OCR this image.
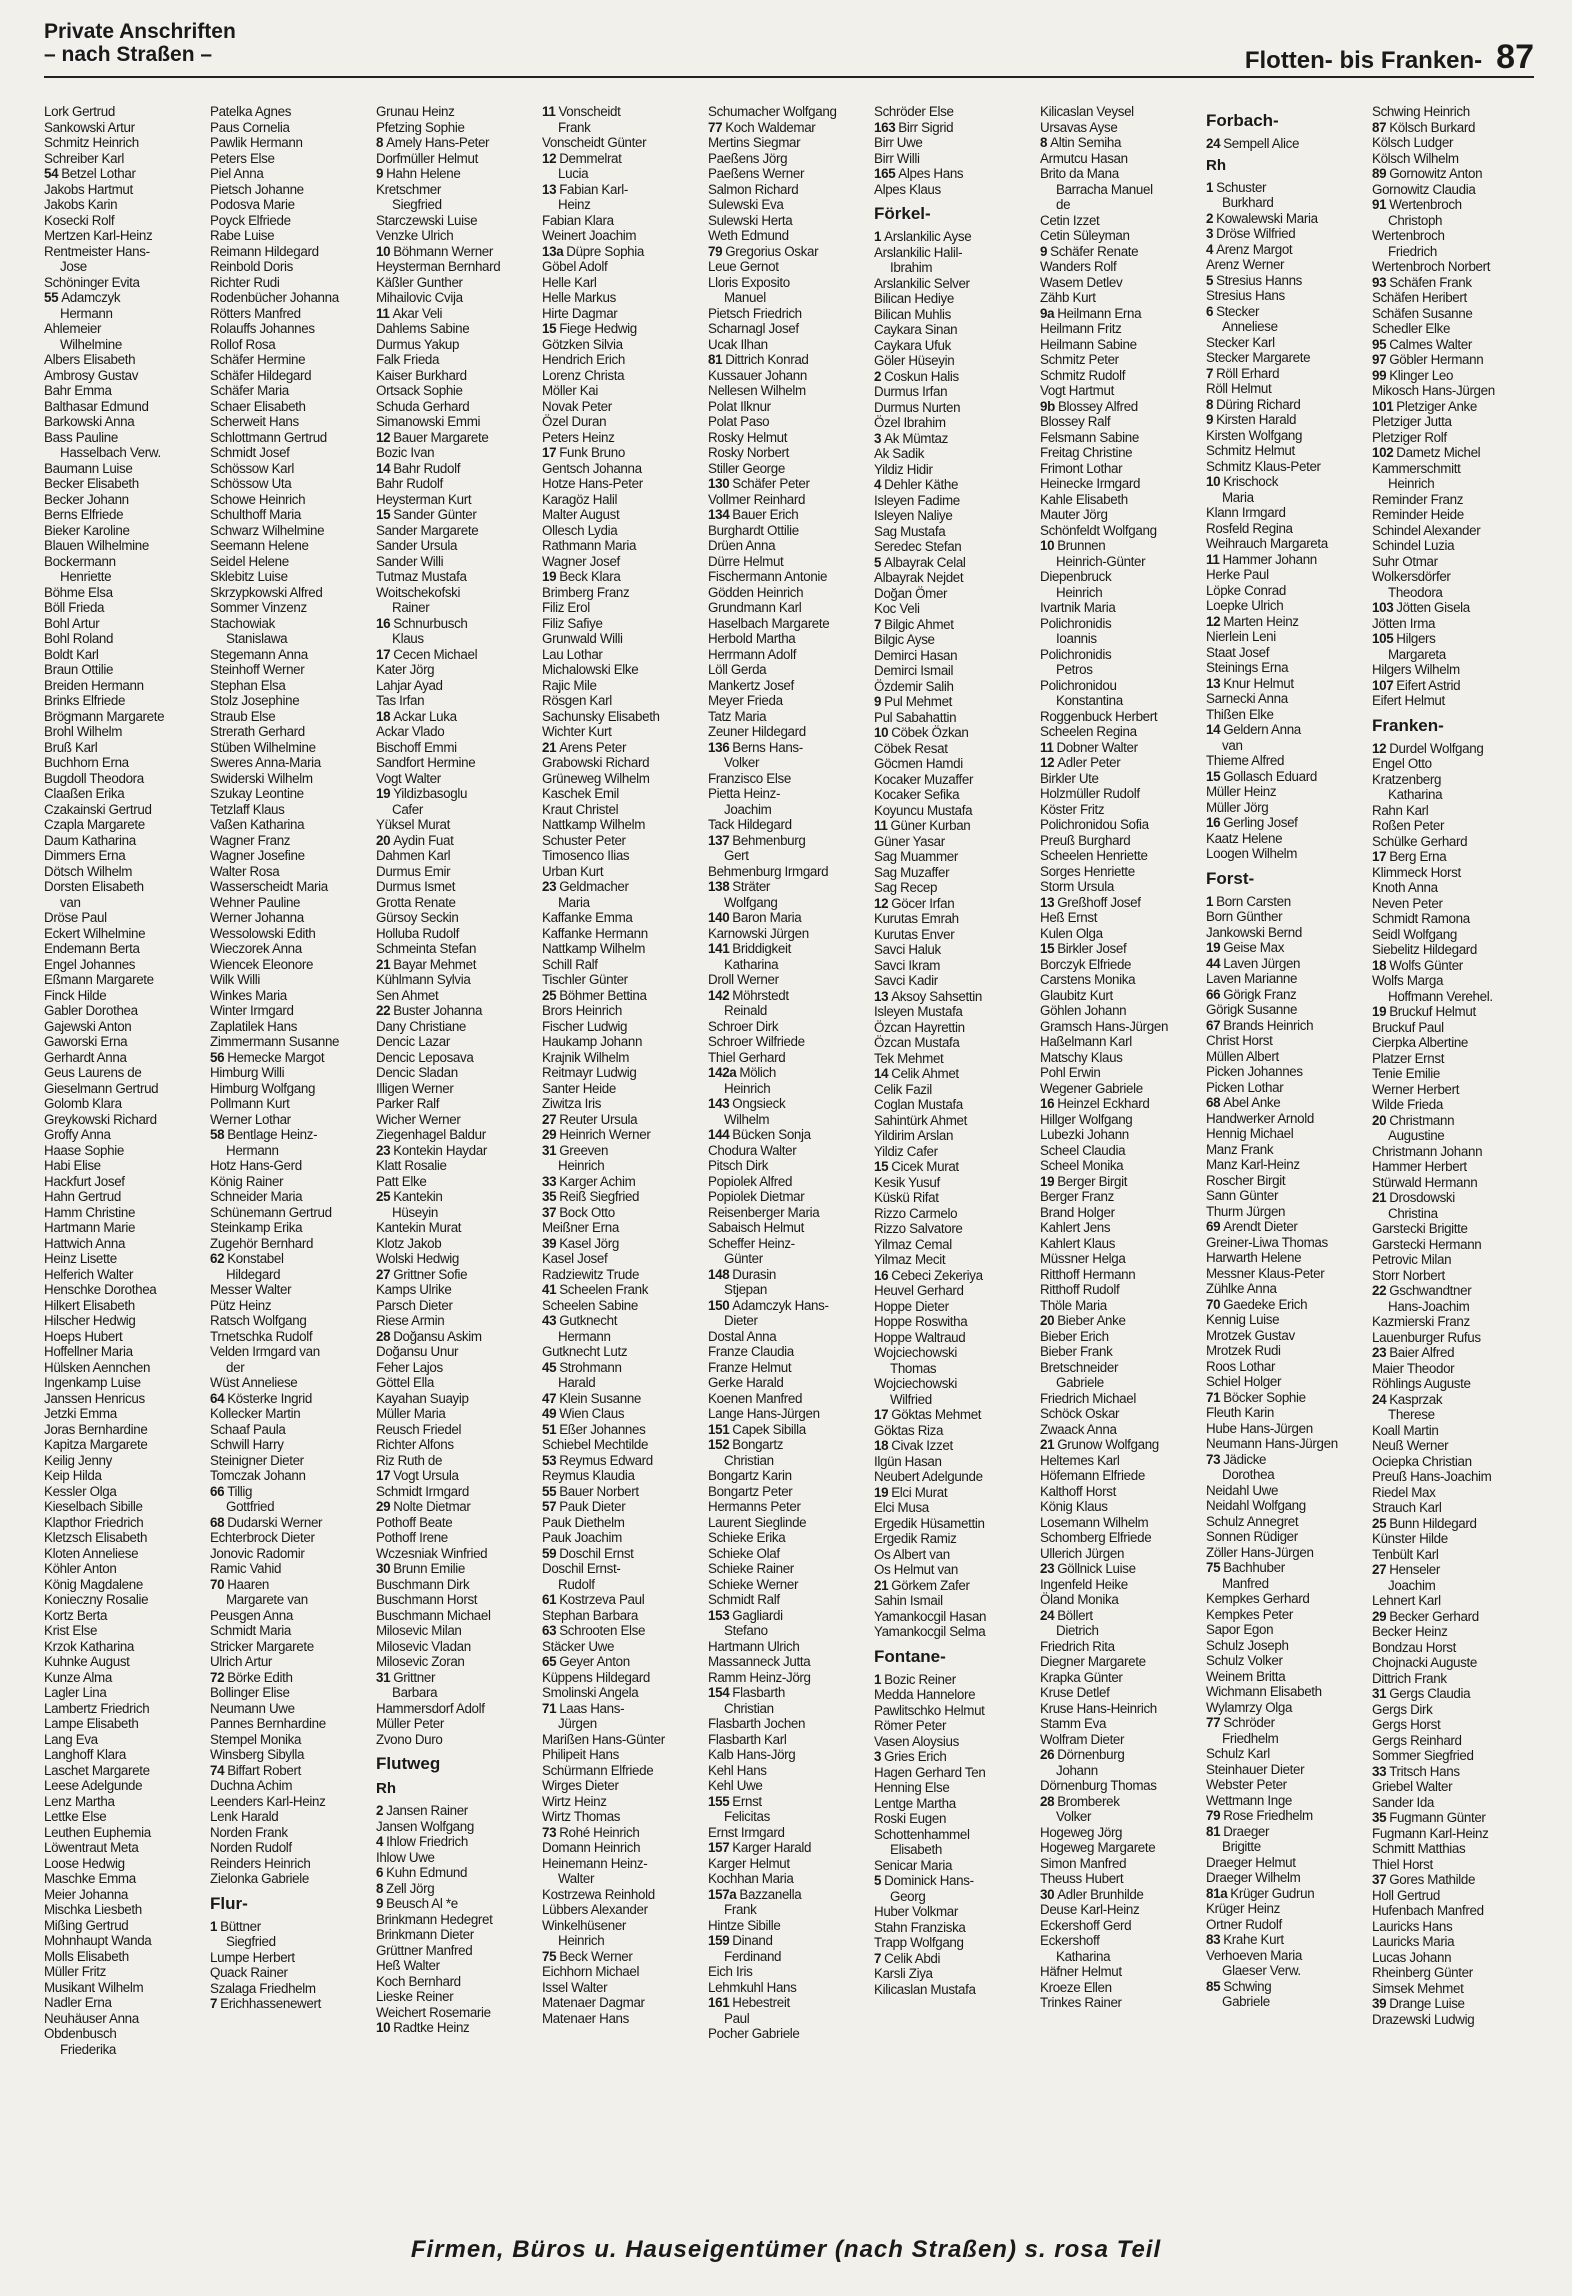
Private Anschriften
– nach Straßen –	Flotten- bis Franken- 87
Lork Gertrud
Sankowski Artur
Schmitz Heinrich
Schreiber Karl
54 Betzel Lothar
Jakobs Hartmut
Jakobs Karin
Kosecki Rolf
Mertzen Karl-Heinz
Rentmeister Hans-
Jose
Schöninger Evita
55 Adamczyk
Hermann
Ahlemeier
Wilhelmine
Albers Elisabeth
Ambrosy Gustav
Bahr Emma
Balthasar Edmund
Barkowski Anna
Bass Pauline
Hasselbach Verw.
Baumann Luise
Becker Elisabeth
Becker Johann
Berns Elfriede
Bieker Karoline
Blauen Wilhelmine
Bockermann
Henriette
Böhme Elsa
Böll Frieda
Bohl Artur
Bohl Roland
Boldt Karl
Braun Ottilie
Breiden Hermann
Brinks Elfriede
Brögmann Margarete
Brohl Wilhelm
Bruß Karl
Buchhorn Erna
Bugdoll Theodora
Claaßen Erika
Czakainski Gertrud
Czapla Margarete
Daum Katharina
Dimmers Erna
Dötsch Wilhelm
Dorsten Elisabeth
van
Dröse Paul
Eckert Wilhelmine
Endemann Berta
Engel Johannes
Eßmann Margarete
Finck Hilde
Gabler Dorothea
Gajewski Anton
Gaworski Erna
Gerhardt Anna
Geus Laurens de
Gieselmann Gertrud
Golomb Klara
Greykowski Richard
Groffy Anna
Haase Sophie
Habi Elise
Hackfurt Josef
Hahn Gertrud
Hamm Christine
Hartmann Marie
Hattwich Anna
Heinz Lisette
Helferich Walter
Henschke Dorothea
Hilkert Elisabeth
Hilscher Hedwig
Hoeps Hubert
Hoffellner Maria
Hülsken Aennchen
Ingenkamp Luise
Janssen Henricus
Jetzki Emma
Joras Bernhardine
Kapitza Margarete
Keilig Jenny
Keip Hilda
Kessler Olga
Kieselbach Sibille
Klapthor Friedrich
Kletzsch Elisabeth
Kloten Anneliese
Köhler Anton
König Magdalene
Konieczny Rosalie
Kortz Berta
Krist Else
Krzok Katharina
Kuhnke August
Kunze Alma
Lagler Lina
Lambertz Friedrich
Lampe Elisabeth
Lang Eva
Langhoff Klara
Laschet Margarete
Leese Adelgunde
Lenz Martha
Lettke Else
Leuthen Euphemia
Löwentraut Meta
Loose Hedwig
Maschke Emma
Meier Johanna
Mischka Liesbeth
Mißing Gertrud
Mohnhaupt Wanda
Molls Elisabeth
Müller Fritz
Musikant Wilhelm
Nadler Erna
Neuhäuser Anna
Obdenbusch
Friederika
Patelka Agnes
Paus Cornelia
Pawlik Hermann
Peters Else
Piel Anna
Pietsch Johanne
Podosva Marie
Poyck Elfriede
Rabe Luise
Reimann Hildegard
Reinbold Doris
Richter Rudi
Rodenbücher Johanna
Rötters Manfred
Rolauffs Johannes
Rollof Rosa
Schäfer Hermine
Schäfer Hildegard
Schäfer Maria
Schaer Elisabeth
Scherweit Hans
Schlottmann Gertrud
Schmidt Josef
Schössow Karl
Schössow Uta
Schowe Heinrich
Schulthoff Maria
Schwarz Wilhelmine
Seemann Helene
Seidel Helene
Sklebitz Luise
Skrzypkowski Alfred
Sommer Vinzenz
Stachowiak
Stanislawa
Stegemann Anna
Steinhoff Werner
Stephan Elsa
Stolz Josephine
Straub Else
Strerath Gerhard
Stüben Wilhelmine
Sweres Anna-Maria
Swiderski Wilhelm
Szukay Leontine
Tetzlaff Klaus
Vaßen Katharina
Wagner Franz
Wagner Josefine
Walter Rosa
Wasserscheidt Maria
Wehner Pauline
Werner Johanna
Wessolowski Edith
Wieczorek Anna
Wiencek Eleonore
Wilk Willi
Winkes Maria
Winter Irmgard
Zaplatilek Hans
Zimmermann Susanne
56 Hemecke Margot
Himburg Willi
Himburg Wolfgang
Pollmann Kurt
Werner Lothar
58 Bentlage Heinz-
Hermann
Hotz Hans-Gerd
König Rainer
Schneider Maria
Schünemann Gertrud
Steinkamp Erika
Zugehör Bernhard
62 Konstabel
Hildegard
Messer Walter
Pütz Heinz
Ratsch Wolfgang
Trnetschka Rudolf
Velden Irmgard van
der
Wüst Anneliese
64 Kösterke Ingrid
Kollecker Martin
Schaaf Paula
Schwill Harry
Steinigner Dieter
Tomczak Johann
66 Tillig
Gottfried
68 Dudarski Werner
Echterbrock Dieter
Jonovic Radomir
Ramic Vahid
70 Haaren
Margarete van
Peusgen Anna
Schmidt Maria
Stricker Margarete
Ulrich Artur
72 Börke Edith
Bollinger Elise
Neumann Uwe
Pannes Bernhardine
Stempel Monika
Winsberg Sibylla
74 Biffart Robert
Duchna Achim
Leenders Karl-Heinz
Lenk Harald
Norden Frank
Norden Rudolf
Reinders Heinrich
Zielonka Gabriele
Flur-
1 Büttner
Siegfried
Lumpe Herbert
Quack Rainer
Szalaga Friedhelm
7 Erichhassenewert
Grunau Heinz
Pfetzing Sophie
8 Amely Hans-Peter
Dorfmüller Helmut
9 Hahn Helene
Kretschmer
Siegfried
Starczewski Luise
Venzke Ulrich
10 Böhmann Werner
Heysterman Bernhard
Käßler Gunther
Mihailovic Cvija
11 Akar Veli
Dahlems Sabine
Durmus Yakup
Falk Frieda
Kaiser Burkhard
Ortsack Sophie
Schuda Gerhard
Simanowski Emmi
12 Bauer Margarete
Bozic Ivan
14 Bahr Rudolf
Bahr Rudolf
Heysterman Kurt
15 Sander Günter
Sander Margarete
Sander Ursula
Sander Willi
Tutmaz Mustafa
Woitschekofski
Rainer
16 Schnurbusch
Klaus
17 Cecen Michael
Kater Jörg
Lahjar Ayad
Tas Irfan
18 Ackar Luka
Ackar Vlado
Bischoff Emmi
Sandfort Hermine
Vogt Walter
19 Yildizbasoglu
Cafer
Yüksel Murat
20 Aydin Fuat
Dahmen Karl
Durmus Emir
Durmus Ismet
Grotta Renate
Gürsoy Seckin
Holluba Rudolf
Schmeinta Stefan
21 Bayar Mehmet
Kühlmann Sylvia
Sen Ahmet
22 Buster Johanna
Dany Christiane
Dencic Lazar
Dencic Leposava
Dencic Sladan
Illigen Werner
Parker Ralf
Wicher Werner
Ziegenhagel Baldur
23 Kontekin Haydar
Klatt Rosalie
Patt Elke
25 Kantekin
Hüseyin
Kantekin Murat
Klotz Jakob
Wolski Hedwig
27 Grittner Sofie
Kamps Ulrike
Parsch Dieter
Riese Armin
28 Doğansu Askim
Doğansu Unur
Feher Lajos
Göttel Ella
Kayahan Suayip
Müller Maria
Reusch Friedel
Richter Alfons
Riz Ruth de
17 Vogt Ursula
Schmidt Irmgard
29 Nolte Dietmar
Pothoff Beate
Pothoff Irene
Wczesniak Winfried
30 Brunn Emilie
Buschmann Dirk
Buschmann Horst
Buschmann Michael
Milosevic Milan
Milosevic Vladan
Milosevic Zoran
31 Grittner
Barbara
Hammersdorf Adolf
Müller Peter
Zvono Duro
Flutweg
Rh
2 Jansen Rainer
Jansen Wolfgang
4 Ihlow Friedrich
Ihlow Uwe
6 Kuhn Edmund
8 Zell Jörg
9 Beusch Al *e
Brinkmann Hedegret
Brinkmann Dieter
Grüttner Manfred
Heß Walter
Koch Bernhard
Lieske Reiner
Weichert Rosemarie
10 Radtke Heinz
11 Vonscheidt
Frank
Vonscheidt Günter
12 Demmelrat
Lucia
13 Fabian Karl-
Heinz
Fabian Klara
Weinert Joachim
13a Düpre Sophia
Göbel Adolf
Helle Karl
Helle Markus
Hirte Dagmar
15 Fiege Hedwig
Götzken Silvia
Hendrich Erich
Lorenz Christa
Möller Kai
Novak Peter
Özel Duran
Peters Heinz
17 Funk Bruno
Gentsch Johanna
Hotze Hans-Peter
Karagöz Halil
Malter August
Ollesch Lydia
Rathmann Maria
Wagner Josef
19 Beck Klara
Brimberg Franz
Filiz Erol
Filiz Safiye
Grunwald Willi
Lau Lothar
Michalowski Elke
Rajic Mile
Rösgen Karl
Sachunsky Elisabeth
Wichter Kurt
21 Arens Peter
Grabowski Richard
Grüneweg Wilhelm
Kaschek Emil
Kraut Christel
Nattkamp Wilhelm
Schuster Peter
Timosenco Ilias
Urban Kurt
23 Geldmacher
Maria
Kaffanke Emma
Kaffanke Hermann
Nattkamp Wilhelm
Schill Ralf
Tischler Günter
25 Böhmer Bettina
Brors Heinrich
Fischer Ludwig
Haukamp Johann
Krajnik Wilhelm
Reitmayr Ludwig
Santer Heide
Ziwitza Iris
27 Reuter Ursula
29 Heinrich Werner
31 Greeven
Heinrich
33 Karger Achim
35 Reiß Siegfried
37 Bock Otto
Meißner Erna
39 Kasel Jörg
Kasel Josef
Radziewitz Trude
41 Scheelen Frank
Scheelen Sabine
43 Gutknecht
Hermann
Gutknecht Lutz
45 Strohmann
Harald
47 Klein Susanne
49 Wien Claus
51 Eßer Johannes
Schiebel Mechtilde
53 Reymus Edward
Reymus Klaudia
55 Bauer Norbert
57 Pauk Dieter
Pauk Diethelm
Pauk Joachim
59 Doschil Ernst
Doschil Ernst-
Rudolf
61 Kostrzeva Paul
Stephan Barbara
63 Schrooten Else
Stäcker Uwe
65 Geyer Anton
Küppens Hildegard
Smolinski Angela
71 Laas Hans-
Jürgen
Marißen Hans-Günter
Philipeit Hans
Schürmann Elfriede
Wirges Dieter
Wirtz Heinz
Wirtz Thomas
73 Rohé Heinrich
Domann Heinrich
Heinemann Heinz-
Walter
Kostrzewa Reinhold
Lübbers Alexander
Winkelhüsener
Heinrich
75 Beck Werner
Eichhorn Michael
Issel Walter
Matenaer Dagmar
Matenaer Hans
Schumacher Wolfgang
77 Koch Waldemar
Mertins Siegmar
Paeßens Jörg
Paeßens Werner
Salmon Richard
Sulewski Eva
Sulewski Herta
Weth Edmund
79 Gregorius Oskar
Leue Gernot
Lloris Exposito
Manuel
Pietsch Friedrich
Scharnagl Josef
Ucak Ilhan
81 Dittrich Konrad
Kussauer Johann
Nellesen Wilhelm
Polat Ilknur
Polat Paso
Rosky Helmut
Rosky Norbert
Stiller George
130 Schäfer Peter
Vollmer Reinhard
134 Bauer Erich
Burghardt Ottilie
Drüen Anna
Dürre Helmut
Fischermann Antonie
Gödden Heinrich
Grundmann Karl
Haselbach Margarete
Herbold Martha
Herrmann Adolf
Löll Gerda
Mankertz Josef
Meyer Frieda
Tatz Maria
Zeuner Hildegard
136 Berns Hans-
Volker
Franzisco Else
Pietta Heinz-
Joachim
Tack Hildegard
137 Behmenburg
Gert
Behmenburg Irmgard
138 Sträter
Wolfgang
140 Baron Maria
Karnowski Jürgen
141 Briddigkeit
Katharina
Droll Werner
142 Möhrstedt
Reinald
Schroer Dirk
Schroer Wilfriede
Thiel Gerhard
142a Mölich
Heinrich
143 Ongsieck
Wilhelm
144 Bücken Sonja
Chodura Walter
Pitsch Dirk
Popiolek Alfred
Popiolek Dietmar
Reisenberger Maria
Sabaisch Helmut
Scheffer Heinz-
Günter
148 Durasin
Stjepan
150 Adamczyk Hans-
Dieter
Dostal Anna
Franze Claudia
Franze Helmut
Gerke Harald
Koenen Manfred
Lange Hans-Jürgen
151 Capek Sibilla
152 Bongartz
Christian
Bongartz Karin
Bongartz Peter
Hermanns Peter
Laurent Sieglinde
Schieke Erika
Schieke Olaf
Schieke Rainer
Schieke Werner
Schmidt Ralf
153 Gagliardi
Stefano
Hartmann Ulrich
Massanneck Jutta
Ramm Heinz-Jörg
154 Flasbarth
Christian
Flasbarth Jochen
Flasbarth Karl
Kalb Hans-Jörg
Kehl Hans
Kehl Uwe
155 Ernst
Felicitas
Ernst Irmgard
157 Karger Harald
Karger Helmut
Kochhan Maria
157a Bazzanella
Frank
Hintze Sibille
159 Dinand
Ferdinand
Eich Iris
Lehmkuhl Hans
161 Hebestreit
Paul
Pocher Gabriele
Schröder Else
163 Birr Sigrid
Birr Uwe
Birr Willi
165 Alpes Hans
Alpes Klaus
Förkel-
1 Arslankilic Ayse
Arslankilic Halil-
Ibrahim
Arslankilic Selver
Bilican Hediye
Bilican Muhlis
Caykara Sinan
Caykara Ufuk
Göler Hüseyin
2 Coskun Halis
Durmus Irfan
Durmus Nurten
Özel Ibrahim
3 Ak Mümtaz
Ak Sadik
Yildiz Hidir
4 Dehler Käthe
Isleyen Fadime
Isleyen Naliye
Sag Mustafa
Seredec Stefan
5 Albayrak Celal
Albayrak Nejdet
Doğan Ömer
Koc Veli
7 Bilgic Ahmet
Bilgic Ayse
Demirci Hasan
Demirci Ismail
Özdemir Salih
9 Pul Mehmet
Pul Sabahattin
10 Cöbek Özkan
Cöbek Resat
Göcmen Hamdi
Kocaker Muzaffer
Kocaker Sefika
Koyuncu Mustafa
11 Güner Kurban
Güner Yasar
Sag Muammer
Sag Muzaffer
Sag Recep
12 Göcer Irfan
Kurutas Emrah
Kurutas Enver
Savci Haluk
Savci Ikram
Savci Kadir
13 Aksoy Sahsettin
Isleyen Mustafa
Özcan Hayrettin
Özcan Mustafa
Tek Mehmet
14 Celik Ahmet
Celik Fazil
Coglan Mustafa
Sahintürk Ahmet
Yildirim Arslan
Yildiz Cafer
15 Cicek Murat
Kesik Yusuf
Küskü Rifat
Rizzo Carmelo
Rizzo Salvatore
Yilmaz Cemal
Yilmaz Mecit
16 Cebeci Zekeriya
Heuvel Gerhard
Hoppe Dieter
Hoppe Roswitha
Hoppe Waltraud
Wojciechowski
Thomas
Wojciechowski
Wilfried
17 Göktas Mehmet
Göktas Riza
18 Civak Izzet
Ilgün Hasan
Neubert Adelgunde
19 Elci Murat
Elci Musa
Ergedik Hüsamettin
Ergedik Ramiz
Os Albert van
Os Helmut van
21 Görkem Zafer
Sahin Ismail
Yamankocgil Hasan
Yamankocgil Selma
Fontane-
1 Bozic Reiner
Medda Hannelore
Pawlitschko Helmut
Römer Peter
Vasen Aloysius
3 Gries Erich
Hagen Gerhard Ten
Henning Else
Lentge Martha
Roski Eugen
Schottenhammel
Elisabeth
Senicar Maria
5 Dominick Hans-
Georg
Huber Volkmar
Stahn Franziska
Trapp Wolfgang
7 Celik Abdi
Karsli Ziya
Kilicaslan Mustafa
Kilicaslan Veysel
Ursavas Ayse
8 Altin Semiha
Armutcu Hasan
Brito da Mana
Barracha Manuel
de
Cetin Izzet
Cetin Süleyman
9 Schäfer Renate
Wanders Rolf
Wasem Detlev
Zähb Kurt
9a Heilmann Erna
Heilmann Fritz
Heilmann Sabine
Schmitz Peter
Schmitz Rudolf
Vogt Hartmut
9b Blossey Alfred
Blossey Ralf
Felsmann Sabine
Freitag Christine
Frimont Lothar
Heinecke Irmgard
Kahle Elisabeth
Mauter Jörg
Schönfeldt Wolfgang
10 Brunnen
Heinrich-Günter
Diepenbruck
Heinrich
Ivartnik Maria
Polichronidis
Ioannis
Polichronidis
Petros
Polichronidou
Konstantina
Roggenbuck Herbert
Scheelen Regina
11 Dobner Walter
12 Adler Peter
Birkler Ute
Holzmüller Rudolf
Köster Fritz
Polichronidou Sofia
Preuß Burghard
Scheelen Henriette
Sorges Henriette
Storm Ursula
13 Greßhoff Josef
Heß Ernst
Kulen Olga
15 Birkler Josef
Borczyk Elfriede
Carstens Monika
Glaubitz Kurt
Göhlen Johann
Gramsch Hans-Jürgen
Haßelmann Karl
Matschy Klaus
Pohl Erwin
Wegener Gabriele
16 Heinzel Eckhard
Hillger Wolfgang
Lubezki Johann
Scheel Claudia
Scheel Monika
19 Berger Birgit
Berger Franz
Brand Holger
Kahlert Jens
Kahlert Klaus
Müssner Helga
Ritthoff Hermann
Ritthoff Rudolf
Thöle Maria
20 Bieber Anke
Bieber Erich
Bieber Frank
Bretschneider
Gabriele
Friedrich Michael
Schöck Oskar
Zwaack Anna
21 Grunow Wolfgang
Heltemes Karl
Höfemann Elfriede
Kalthoff Horst
König Klaus
Losemann Wilhelm
Schomberg Elfriede
Ullerich Jürgen
23 Göllnick Luise
Ingenfeld Heike
Öland Monika
24 Böllert
Dietrich
Friedrich Rita
Diegner Margarete
Krapka Günter
Kruse Detlef
Kruse Hans-Heinrich
Stamm Eva
Wolfram Dieter
26 Dörnenburg
Johann
Dörnenburg Thomas
28 Bromberek
Volker
Hogeweg Jörg
Hogeweg Margarete
Simon Manfred
Theuss Hubert
30 Adler Brunhilde
Deuse Karl-Heinz
Eckershoff Gerd
Eckershoff
Katharina
Häfner Helmut
Kroeze Ellen
Trinkes Rainer
Forbach-
24 Sempell Alice
Rh
1 Schuster
Burkhard
2 Kowalewski Maria
3 Dröse Wilfried
4 Arenz Margot
Arenz Werner
5 Stresius Hanns
Stresius Hans
6 Stecker
Anneliese
Stecker Karl
Stecker Margarete
7 Röll Erhard
Röll Helmut
8 Düring Richard
9 Kirsten Harald
Kirsten Wolfgang
Schmitz Helmut
Schmitz Klaus-Peter
10 Krischock
Maria
Klann Irmgard
Rosfeld Regina
Weihrauch Margareta
11 Hammer Johann
Herke Paul
Löpke Conrad
Loepke Ulrich
12 Marten Heinz
Nierlein Leni
Staat Josef
Steinings Erna
13 Knur Helmut
Sarnecki Anna
Thißen Elke
14 Geldern Anna
van
Thieme Alfred
15 Gollasch Eduard
Müller Heinz
Müller Jörg
16 Gerling Josef
Kaatz Helene
Loogen Wilhelm
Forst-
1 Born Carsten
Born Günther
Jankowski Bernd
19 Geise Max
44 Laven Jürgen
Laven Marianne
66 Görigk Franz
Görigk Susanne
67 Brands Heinrich
Christ Horst
Müllen Albert
Picken Johannes
Picken Lothar
68 Abel Anke
Handwerker Arnold
Hennig Michael
Manz Frank
Manz Karl-Heinz
Roscher Birgit
Sann Günter
Thurm Jürgen
69 Arendt Dieter
Greiner-Liwa Thomas
Harwarth Helene
Messner Klaus-Peter
Zühlke Anna
70 Gaedeke Erich
Kennig Luise
Mrotzek Gustav
Mrotzek Rudi
Roos Lothar
Schiel Holger
71 Böcker Sophie
Fleuth Karin
Hube Hans-Jürgen
Neumann Hans-Jürgen
73 Jädicke
Dorothea
Neidahl Uwe
Neidahl Wolfgang
Schulz Annegret
Sonnen Rüdiger
Zöller Hans-Jürgen
75 Bachhuber
Manfred
Kempkes Gerhard
Kempkes Peter
Sapor Egon
Schulz Joseph
Schulz Volker
Weinem Britta
Wichmann Elisabeth
Wylamrzy Olga
77 Schröder
Friedhelm
Schulz Karl
Steinhauer Dieter
Webster Peter
Wettmann Inge
79 Rose Friedhelm
81 Draeger
Brigitte
Draeger Helmut
Draeger Wilhelm
81a Krüger Gudrun
Krüger Heinz
Ortner Rudolf
83 Krahe Kurt
Verhoeven Maria
Glaeser Verw.
85 Schwing
Gabriele
Schwing Heinrich
87 Kölsch Burkard
Kölsch Ludger
Kölsch Wilhelm
89 Gornowitz Anton
Gornowitz Claudia
91 Wertenbroch
Christoph
Wertenbroch
Friedrich
Wertenbroch Norbert
93 Schäfen Frank
Schäfen Heribert
Schäfen Susanne
Schedler Elke
95 Calmes Walter
97 Göbler Hermann
99 Klinger Leo
Mikosch Hans-Jürgen
101 Pletziger Anke
Pletziger Jutta
Pletziger Rolf
102 Dametz Michel
Kammerschmitt
Heinrich
Reminder Franz
Reminder Heide
Schindel Alexander
Schindel Luzia
Suhr Otmar
Wolkersdörfer
Theodora
103 Jötten Gisela
Jötten Irma
105 Hilgers
Margareta
Hilgers Wilhelm
107 Eifert Astrid
Eifert Helmut
Franken-
12 Durdel Wolfgang
Engel Otto
Kratzenberg
Katharina
Rahn Karl
Roßen Peter
Schülke Gerhard
17 Berg Erna
Klimmeck Horst
Knoth Anna
Neven Peter
Schmidt Ramona
Seidl Wolfgang
Siebelitz Hildegard
18 Wolfs Günter
Wolfs Marga
Hoffmann Verehel.
19 Bruckuf Helmut
Bruckuf Paul
Cierpka Albertine
Platzer Ernst
Tenie Emilie
Werner Herbert
Wilde Frieda
20 Christmann
Augustine
Christmann Johann
Hammer Herbert
Stürwald Hermann
21 Drosdowski
Christina
Garstecki Brigitte
Garstecki Hermann
Petrovic Milan
Storr Norbert
22 Gschwandtner
Hans-Joachim
Kazmierski Franz
Lauenburger Rufus
23 Baier Alfred
Maier Theodor
Röhlings Auguste
24 Kasprzak
Therese
Koall Martin
Neuß Werner
Ociepka Christian
Preuß Hans-Joachim
Riedel Max
Strauch Karl
25 Bunn Hildegard
Künster Hilde
Tenbült Karl
27 Henseler
Joachim
Lehnert Karl
29 Becker Gerhard
Becker Heinz
Bondzau Horst
Chojnacki Auguste
Dittrich Frank
31 Gergs Claudia
Gergs Dirk
Gergs Horst
Gergs Reinhard
Sommer Siegfried
33 Tritsch Hans
Griebel Walter
Sander Ida
35 Fugmann Günter
Fugmann Karl-Heinz
Schmitt Matthias
Thiel Horst
37 Gores Mathilde
Holl Gertrud
Hufenbach Manfred
Lauricks Hans
Lauricks Maria
Lucas Johann
Rheinberg Günter
Simsek Mehmet
39 Drange Luise
Drazewski Ludwig
Firmen, Büros u. Hauseigentümer (nach Straßen) s. rosa Teil
